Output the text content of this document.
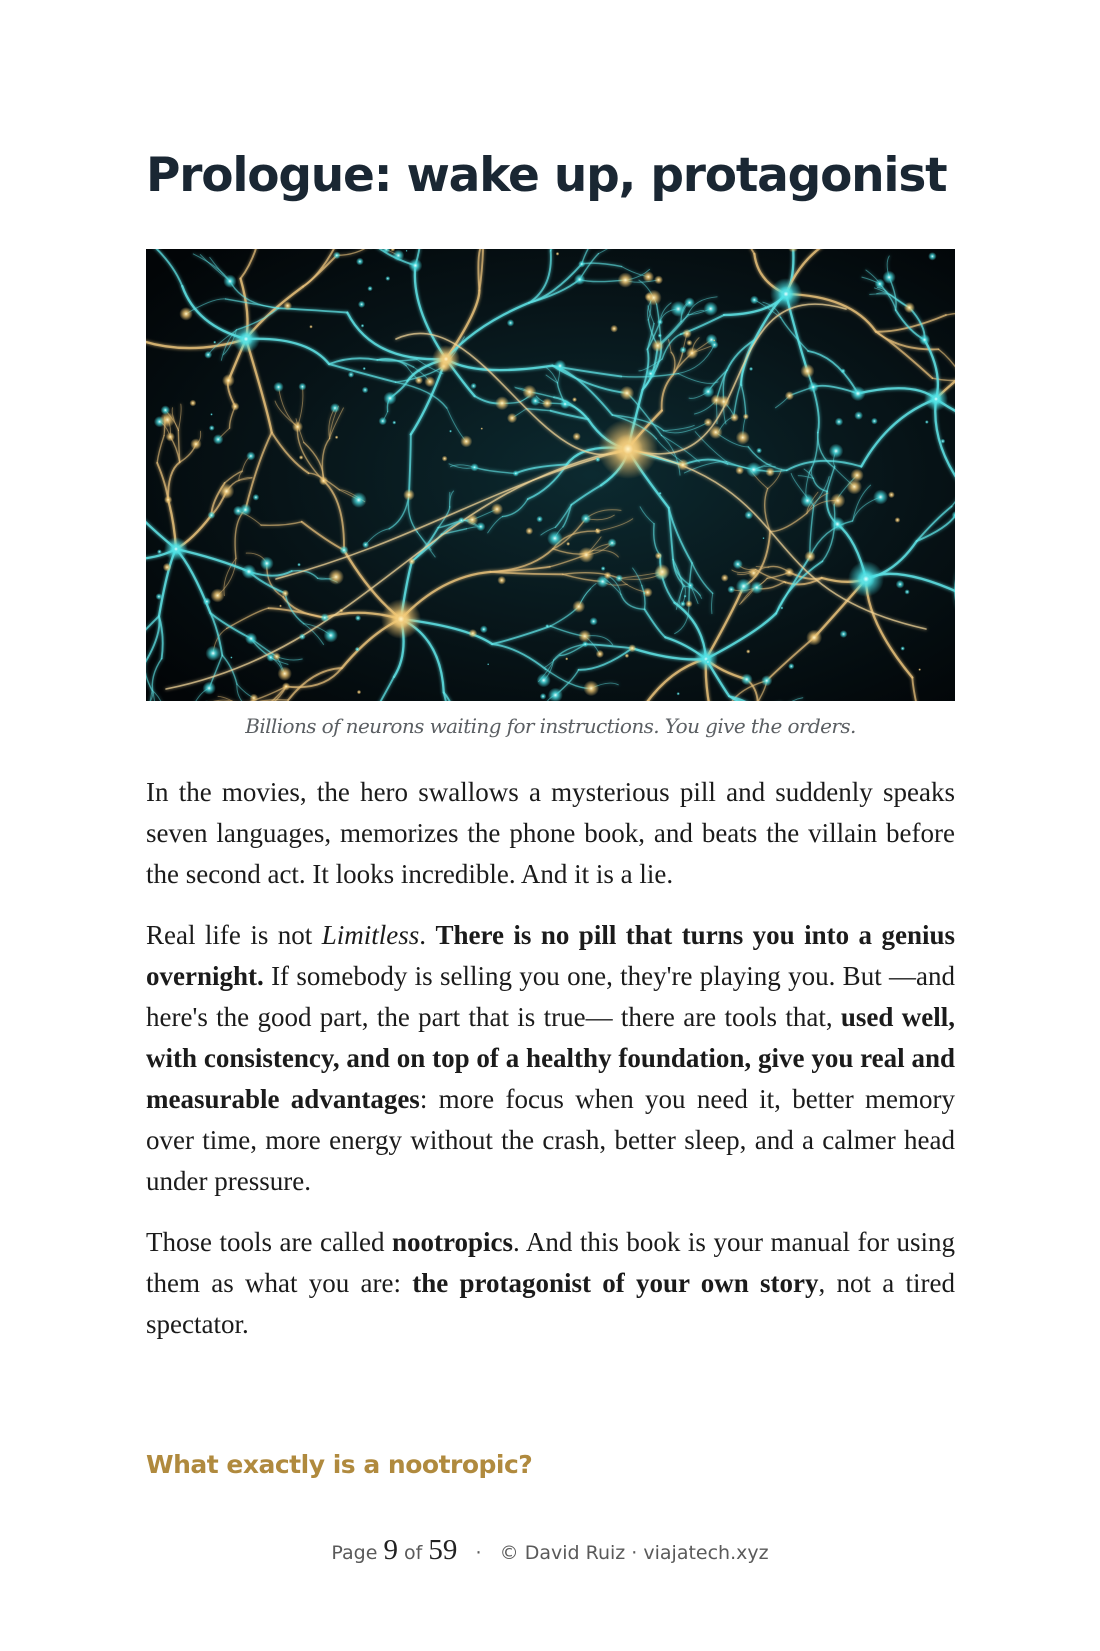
Prologue: wake up, protagonist

Billions of neurons waiting for instructions. You give the orders.

In the movies, the hero swallows a mysterious pill and suddenly speaks seven languages, memorizes the phone book, and beats the villain before the second act. It looks incredible. And it is a lie.

Real life is not Limitless. There is no pill that turns you into a genius overnight. If somebody is selling you one, they're playing you. But —and here's the good part, the part that is true— there are tools that, used well, with consistency, and on top of a healthy foundation, give you real and measurable advantages: more focus when you need it, better memory over time, more energy without the crash, better sleep, and a calmer head under pressure.

Those tools are called nootropics. And this book is your manual for using them as what you are: the protagonist of your own story, not a tired spectator.

What exactly is a nootropic?
Page 9 of 59 · © David Ruiz · viajatech.xyz
